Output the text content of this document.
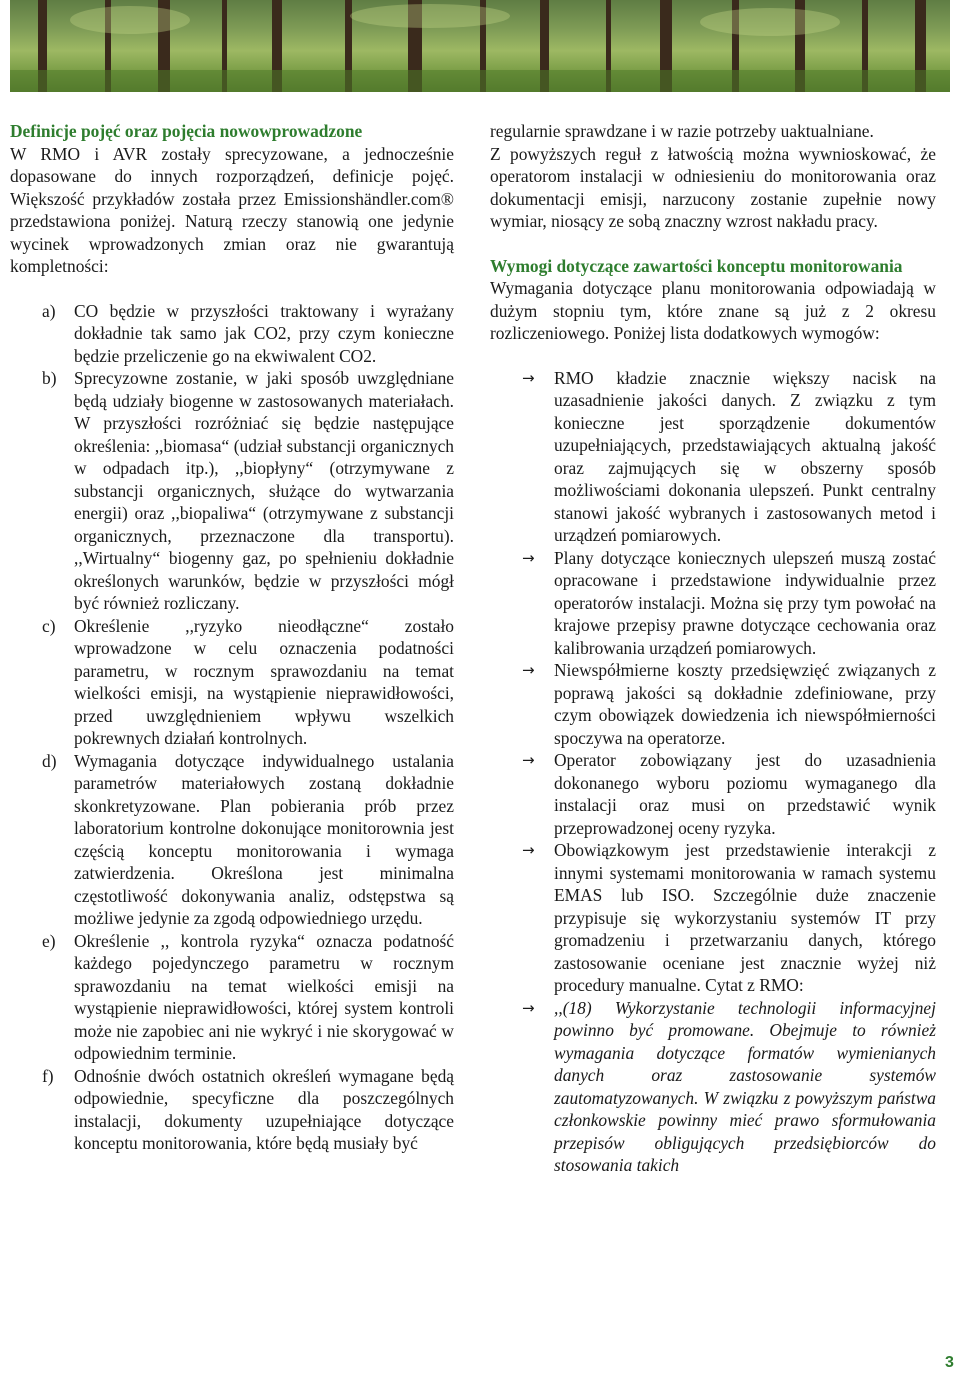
Definicje pojęć oraz pojęcia nowowprowadzone

W RMO i AVR zostały sprecyzowane, a jednocześnie dopasowane do innych rozporządzeń, definicje pojęć. Większość przykładów została przez Emissionshändler.com® przedstawiona poniżej. Naturą rzeczy stanowią one jedynie wycinek wprowadzonych zmian oraz nie gwarantują kompletności:

a) CO będzie w przyszłości traktowany i wyrażany dokładnie tak samo jak CO2, przy czym konieczne będzie przeliczenie go na ekwiwalent CO2.
b) Sprecyzowne zostanie, w jaki sposób uwzględniane będą udziały biogenne w zastosowanych materiałach. W przyszłości rozróżniać się będzie następujące określenia: ,,biomasa“ (udział substancji organicznych w odpadach itp.), ,,biopłyny“ (otrzymywane z substancji organicznych, służące do wytwarzania energii) oraz ,,biopaliwa“ (otrzymywane z substancji organicznych, przeznaczone dla transportu). ,,Wirtualny“ biogenny gaz, po spełnieniu dokładnie określonych warunków, będzie w przyszłości mógł być również rozliczany.
c) Określenie ,,ryzyko nieodłączne“ zostało wprowadzone w celu oznaczenia podatności parametru, w rocznym sprawozdaniu na temat wielkości emisji, na wystąpienie nieprawidłowości, przed uwzględnieniem wpływu wszelkich pokrewnych działań kontrolnych.
d) Wymagania dotyczące indywidualnego ustalania parametrów materiałowych zostaną dokładnie skonkretyzowane. Plan pobierania prób przez laboratorium kontrolne dokonujące monitorownia jest częścią konceptu monitorowania i wymaga zatwierdzenia. Określona jest minimalna częstotliwość dokonywania analiz, odstępstwa są możliwe jedynie za zgodą odpowiedniego urzędu.
e) Określenie ,, kontrola ryzyka“ oznacza podatność każdego pojedynczego parametru w rocznym sprawozdaniu na temat wielkości emisji na wystąpienie nieprawidłowości, której system kontroli może nie zapobiec ani nie wykryć i nie skorygować w odpowiednim terminie.
f) Odnośnie dwóch ostatnich określeń wymagane będą odpowiednie, specyficzne dla poszczególnych instalacji, dokumenty uzupełniające dotyczące konceptu monitorowania, które będą musiały być

regularnie sprawdzane i w razie potrzeby uaktualniane.

Z powyższych reguł z łatwością można wywnioskować, że operatorom instalacji w odniesieniu do monitorowania oraz dokumentacji emisji, narzucony zostanie zupełnie nowy wymiar, niosący ze sobą znaczny wzrost nakładu pracy.

Wymogi dotyczące zawartości konceptu monitorowania

Wymagania dotyczące planu monitorowania odpowiadają w dużym stopniu tym, które znane są już z 2 okresu rozliczeniowego. Poniżej lista dodatkowych wymogów:

→ RMO kładzie znacznie większy nacisk na uzasadnienie jakości danych. Z związku z tym konieczne jest sporządzenie dokumentów uzupełniających, przedstawiających aktualną jakość oraz zajmujących się w obszerny sposób możliwościami dokonania ulepszeń. Punkt centralny stanowi jakość wybranych i zastosowanych metod i urządzeń pomiarowych.
→ Plany dotyczące koniecznych ulepszeń muszą zostać opracowane i przedstawione indywidualnie przez operatorów instalacji. Można się przy tym powołać na krajowe przepisy prawne dotyczące cechowania oraz kalibrowania urządzeń pomiarowych.
→ Niewspółmierne koszty przedsięwzięć związanych z poprawą jakości są dokładnie zdefiniowane, przy czym obowiązek dowiedzenia ich niewspółmierności spoczywa na operatorze.
→ Operator zobowiązany jest do uzasadnienia dokonanego wyboru poziomu wymaganego dla instalacji oraz musi on przedstawić wynik przeprowadzonej oceny ryzyka.
→ Obowiązkowym jest przedstawienie interakcji z innymi systemami monitorowania w ramach systemu EMAS lub ISO. Szczególnie duże znaczenie przypisuje się wykorzystaniu systemów IT przy gromadzeniu i przetwarzaniu danych, którego zastosowanie oceniane jest znacznie wyżej niż procedury manualne. Cytat z RMO:
→ ,,(18) Wykorzystanie technologii informacyjnej powinno być promowane. Obejmuje to również wymagania dotyczące formatów wymienianych danych oraz zastosowanie systemów zautomatyzowanych. W związku z powyższym państwa członkowskie powinny mieć prawo sformułowania przepisów obligujących przedsiębiorców do stosowania takich
3
